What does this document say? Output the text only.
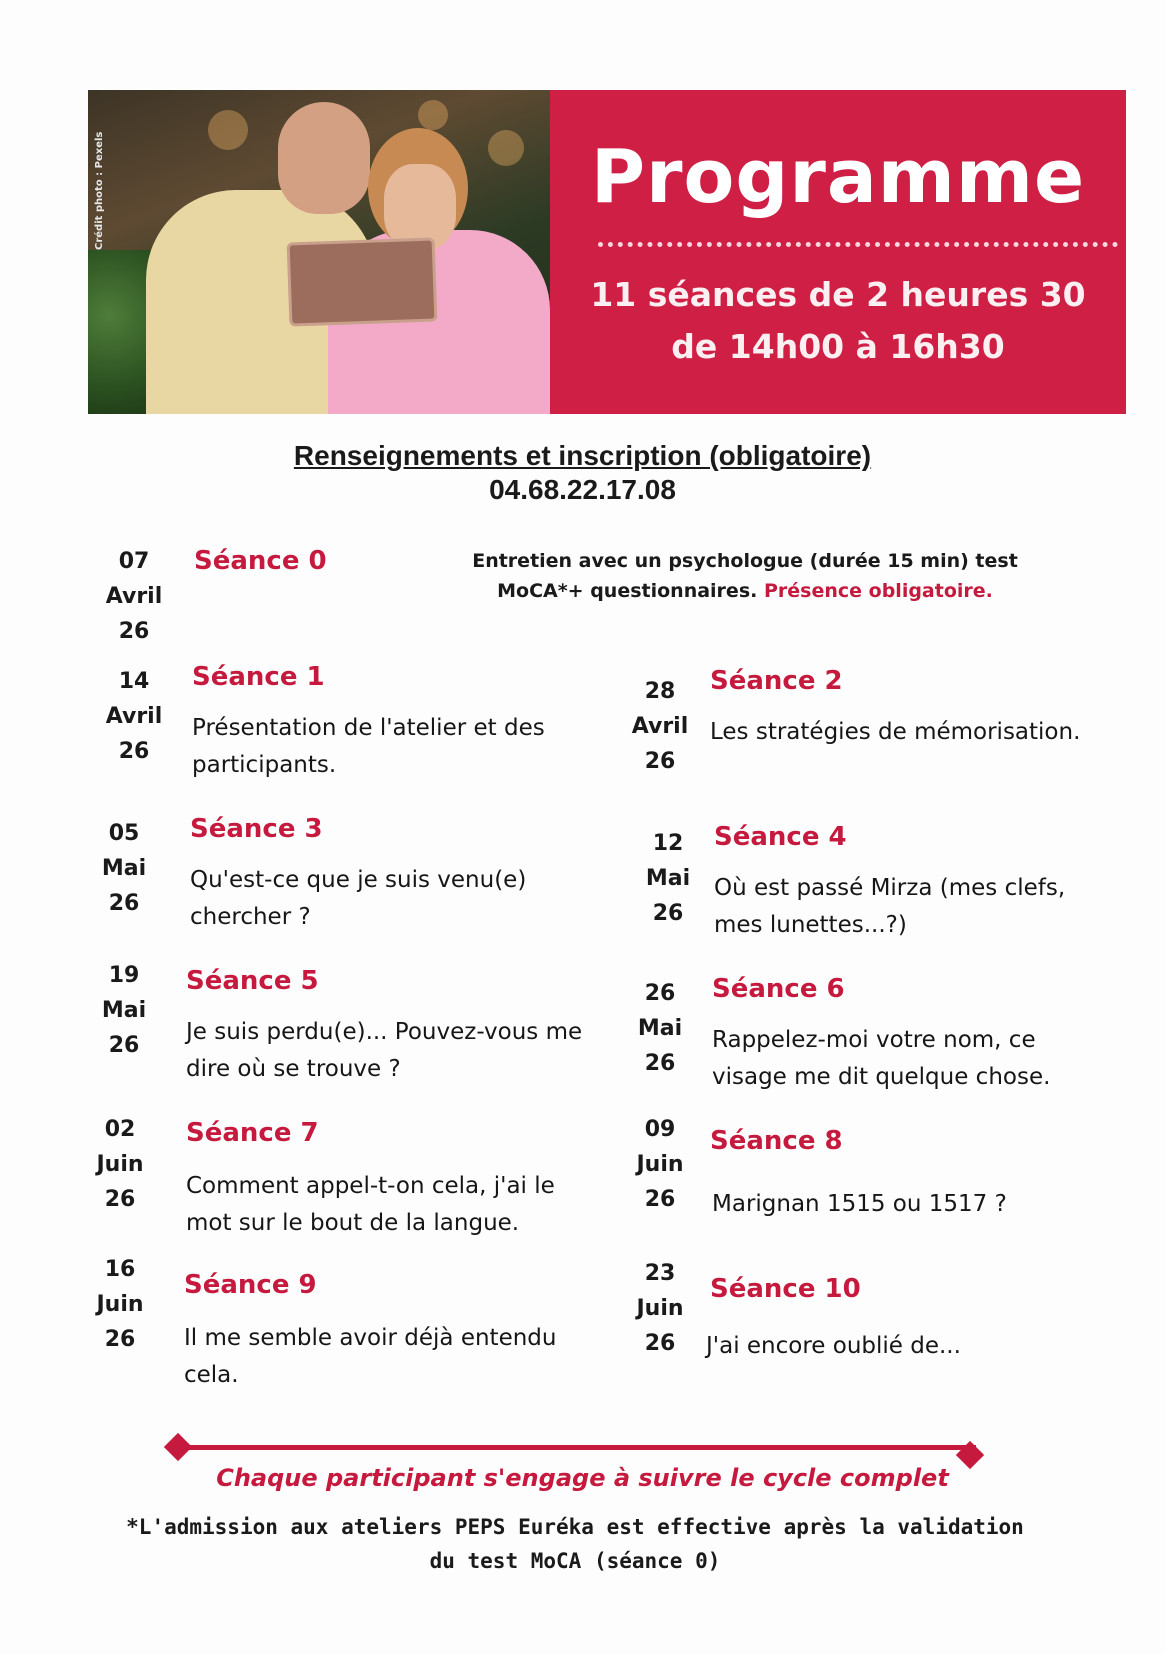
Crédit photo : Pexels	Programme
11 séances de 2 heures 30
de 14h00 à 16h30
Renseignements et inscription (obligatoire)
04.68.22.17.08
07
Avril
26
Séance 0	Entretien avec un psychologue (durée 15 min) test MoCA*+ questionnaires. Présence obligatoire.
14
Avril
26
Séance 1
Présentation de l'atelier et des participants.
05
Mai
26
Séance 3
Qu'est-ce que je suis venu(e) chercher ?
19
Mai
26
Séance 5
Je suis perdu(e)... Pouvez-vous me dire où se trouve ?
02
Juin
26
Séance 7
Comment appel-t-on cela, j'ai le mot sur le bout de la langue.
16
Juin
26
Séance 9
Il me semble avoir déjà entendu cela.
28
Avril
26
Séance 2
Les stratégies de mémorisation.
12
Mai
26
Séance 4
Où est passé Mirza (mes clefs, mes lunettes...?)
26
Mai
26
Séance 6
Rappelez-moi votre nom, ce visage me dit quelque chose.
09
Juin
26
Séance 8
Marignan 1515 ou 1517 ?
23
Juin
26
Séance 10
J'ai encore oublié de...
Chaque participant s'engage à suivre le cycle complet
*L'admission aux ateliers PEPS Euréka est effective après la validation du test MoCA (séance 0)
